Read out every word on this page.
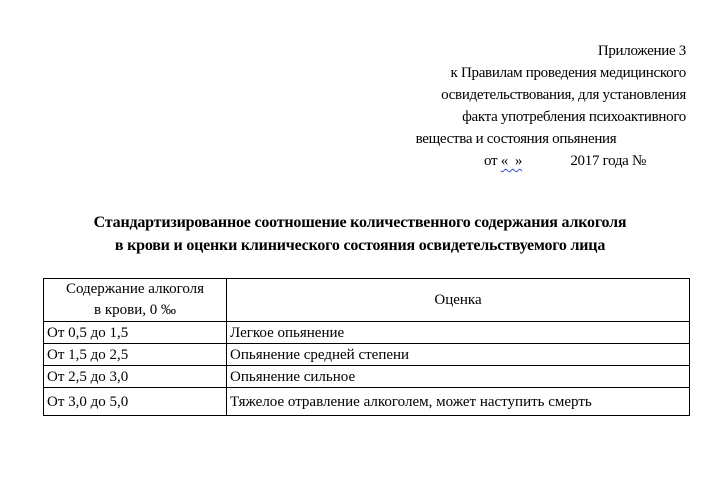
Приложение 3
к Правилам проведения медицинского
освидетельствования, для установления
факта употребления психоактивного
вещества и состояния опьянения
от «  »              2017 года №
Стандартизированное соотношение количественного содержания алкоголя
в крови и оценки клинического состояния освидетельствуемого лица
Содержание алкоголя
в крови, 0 ‰	Оценка
От 0,5 до 1,5	Легкое опьянение
От 1,5 до 2,5	Опьянение средней степени
От 2,5 до 3,0	Опьянение сильное
От 3,0 до 5,0	Тяжелое отравление алкоголем, может наступить смерть
